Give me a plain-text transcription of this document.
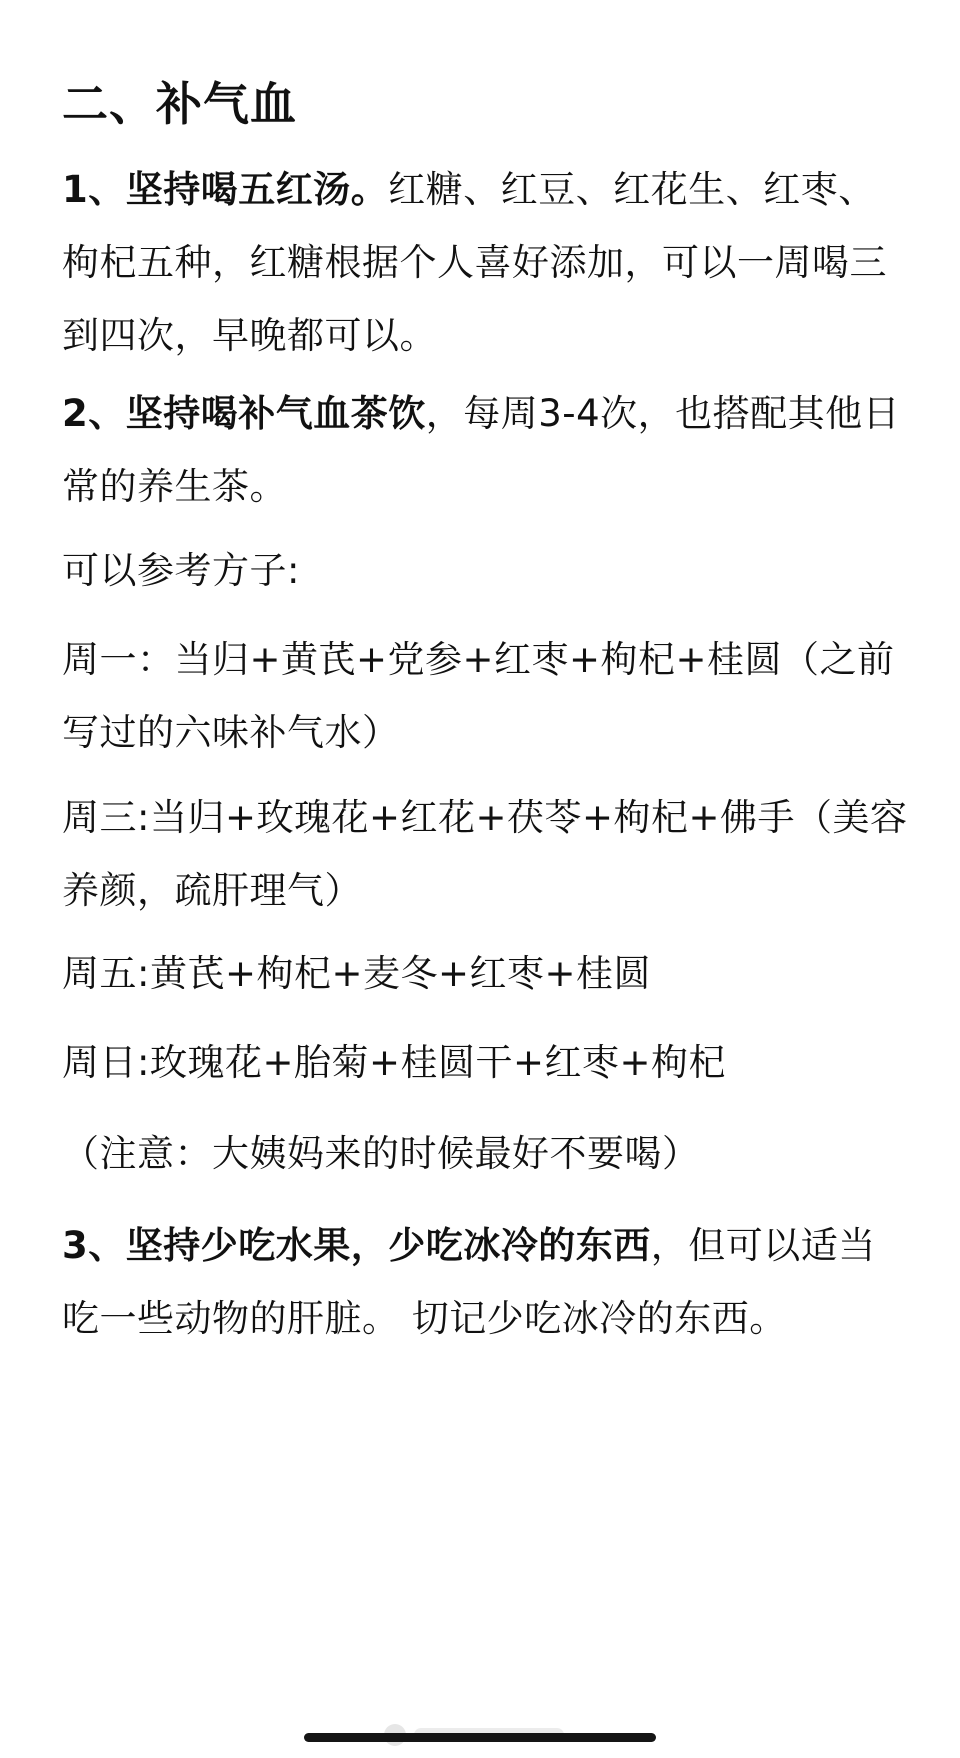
二、补气血
1、坚持喝五红汤。红糖、红豆、红花生、红枣、枸杞五种，红糖根据个人喜好添加，可以一周喝三到四次，早晚都可以。
2、坚持喝补气血茶饮，每周3-4次，也搭配其他日常的养生茶。
可以参考方子:
周一：当归+黄芪+党参+红枣+枸杞+桂圆（之前写过的六味补气水）
周三:当归+玫瑰花+红花+茯苓+枸杞+佛手（美容养颜，疏肝理气）
周五:黄芪+枸杞+麦冬+红枣+桂圆
周日:玫瑰花+胎菊+桂圆干+红枣+枸杞
（注意：大姨妈来的时候最好不要喝）
3、坚持少吃水果，少吃冰冷的东西，但可以适当吃一些动物的肝脏。 切记少吃冰冷的东西。
